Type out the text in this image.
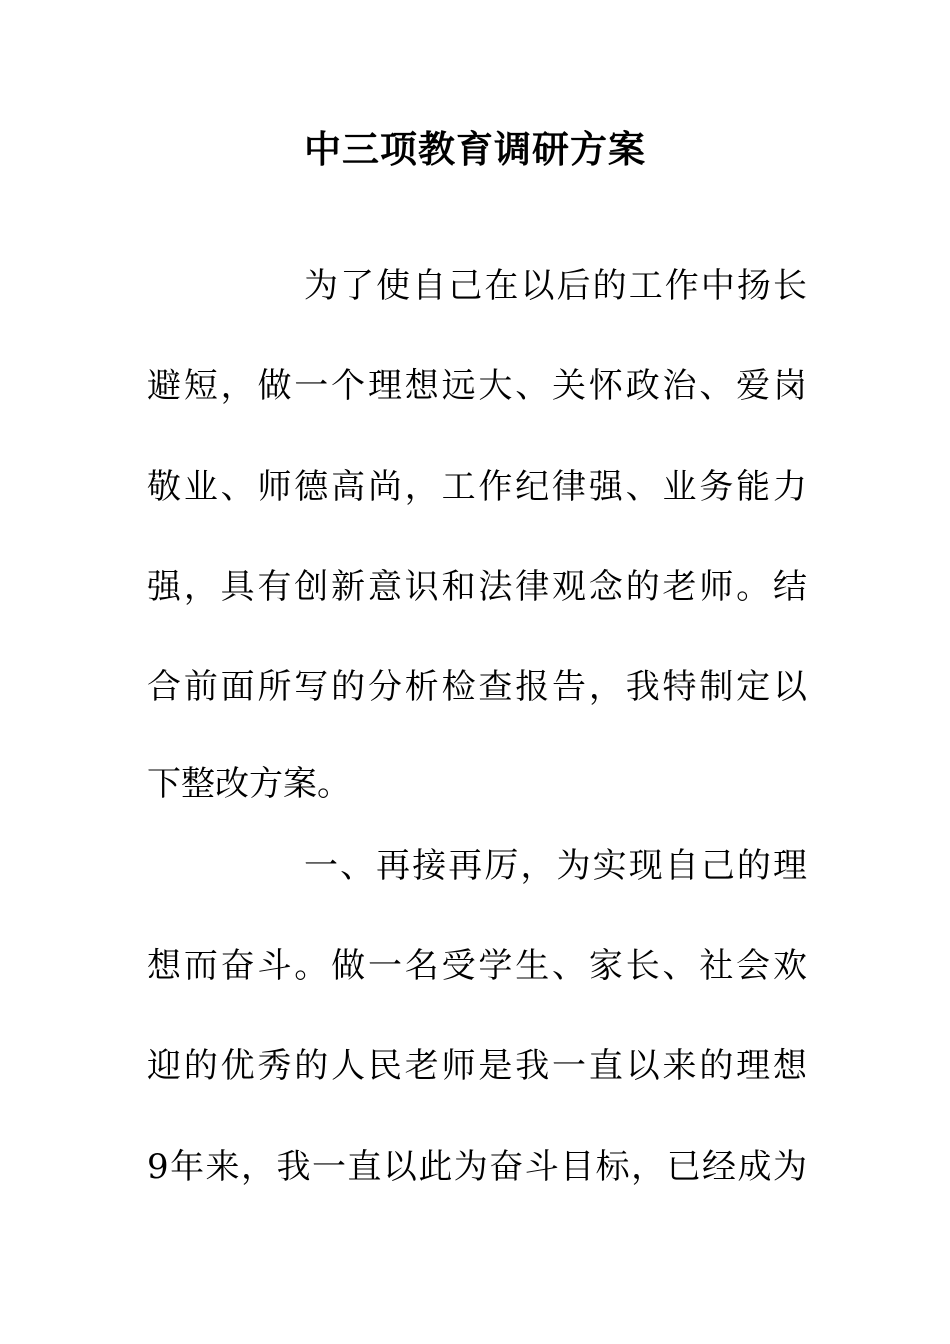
中三项教育调研方案

为了使自己在以后的工作中扬长

避短，做一个理想远大、关怀政治、爱岗

敬业、师德高尚，工作纪律强、业务能力

强，具有创新意识和法律观念的老师。结

合前面所写的分析检查报告，我特制定以

下整改方案。

一、再接再厉，为实现自己的理

想而奋斗。做一名受学生、家长、社会欢

迎的优秀的人民老师是我一直以来的理想

9年来，我一直以此为奋斗目标，已经成为
